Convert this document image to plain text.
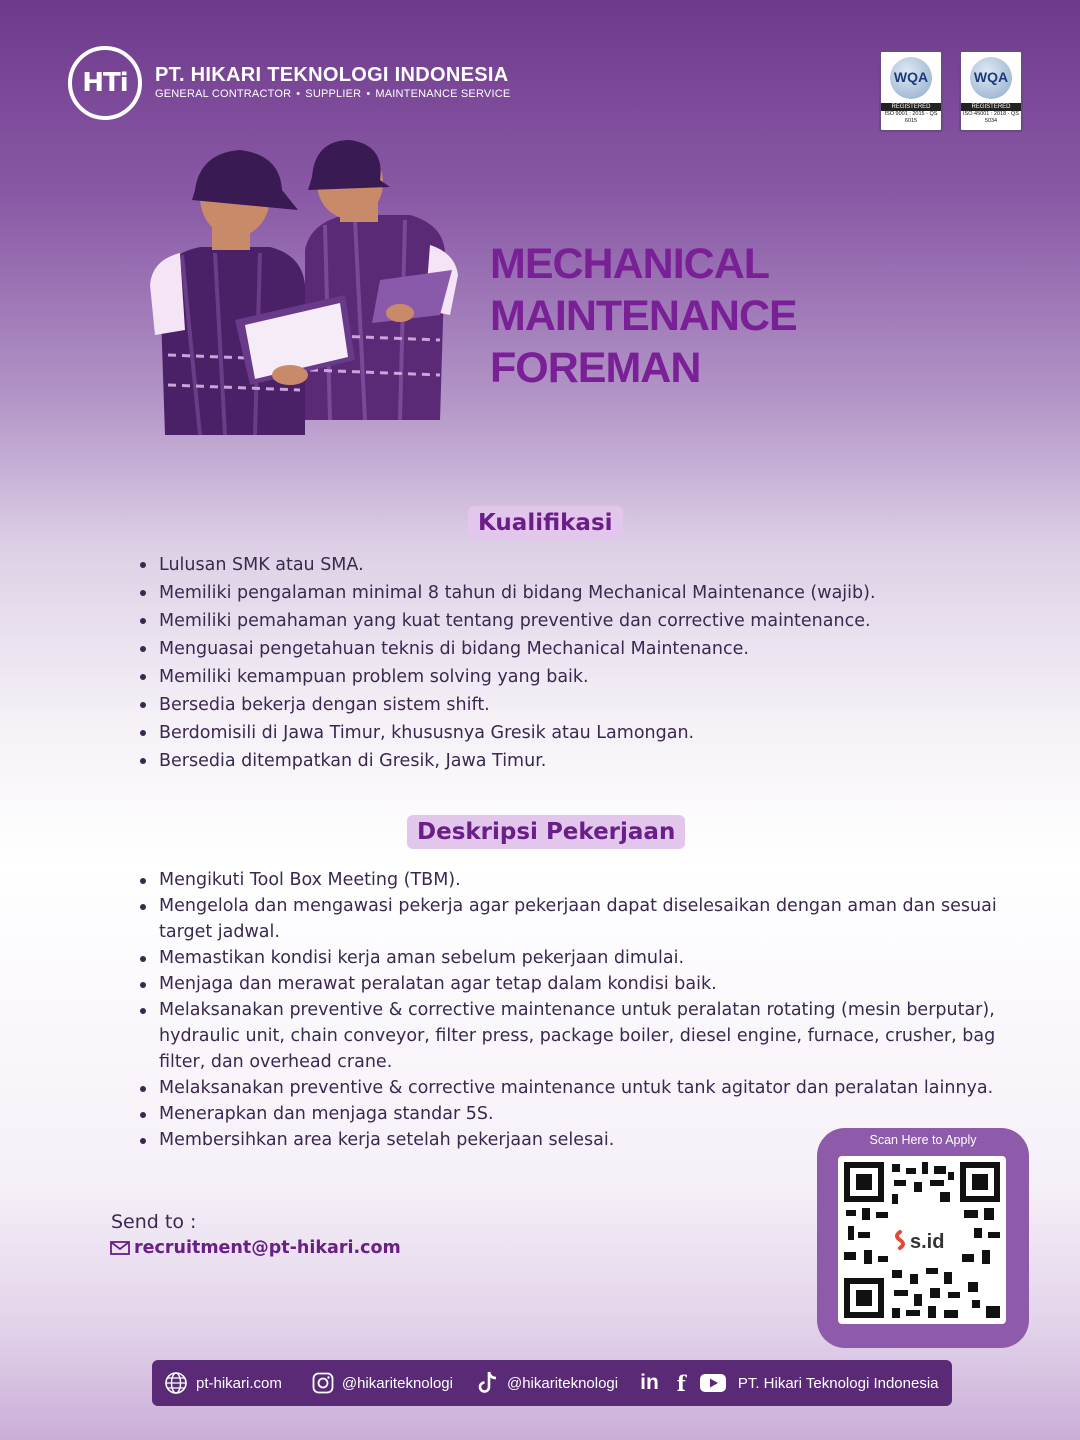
HTi PT. HIKARI TEKNOLOGI INDONESIA
GENERAL CONTRACTOR • SUPPLIER • MAINTENANCE SERVICE
WQA
REGISTERED
ISO 9001 : 2015 - QS 6015
WQA
REGISTERED
ISO 45001 : 2018 - QS 5034
MECHANICAL MAINTENANCE
FOREMAN
Kualifikasi
Lulusan SMK atau SMA.
Memiliki pengalaman minimal 8 tahun di bidang Mechanical Maintenance (wajib).
Memiliki pemahaman yang kuat tentang preventive dan corrective maintenance.
Menguasai pengetahuan teknis di bidang Mechanical Maintenance.
Memiliki kemampuan problem solving yang baik.
Bersedia bekerja dengan sistem shift.
Berdomisili di Jawa Timur, khususnya Gresik atau Lamongan.
Bersedia ditempatkan di Gresik, Jawa Timur.
Deskripsi Pekerjaan
Mengikuti Tool Box Meeting (TBM).
Mengelola dan mengawasi pekerja agar pekerjaan dapat diselesaikan dengan aman dan sesuai target jadwal.
Memastikan kondisi kerja aman sebelum pekerjaan dimulai.
Menjaga dan merawat peralatan agar tetap dalam kondisi baik.
Melaksanakan preventive & corrective maintenance untuk peralatan rotating (mesin berputar), hydraulic unit, chain conveyor, filter press, package boiler, diesel engine, furnace, crusher, bag filter, dan overhead crane.
Melaksanakan preventive & corrective maintenance untuk tank agitator dan peralatan lainnya.
Menerapkan dan menjaga standar 5S.
Membersihkan area kerja setelah pekerjaan selesai.
Send to :
recruitment@pt-hikari.com
Scan Here to Apply
s.id
pt-hikari.com	@hikariteknologi	@hikariteknologi in f	PT. Hikari Teknologi Indonesia
